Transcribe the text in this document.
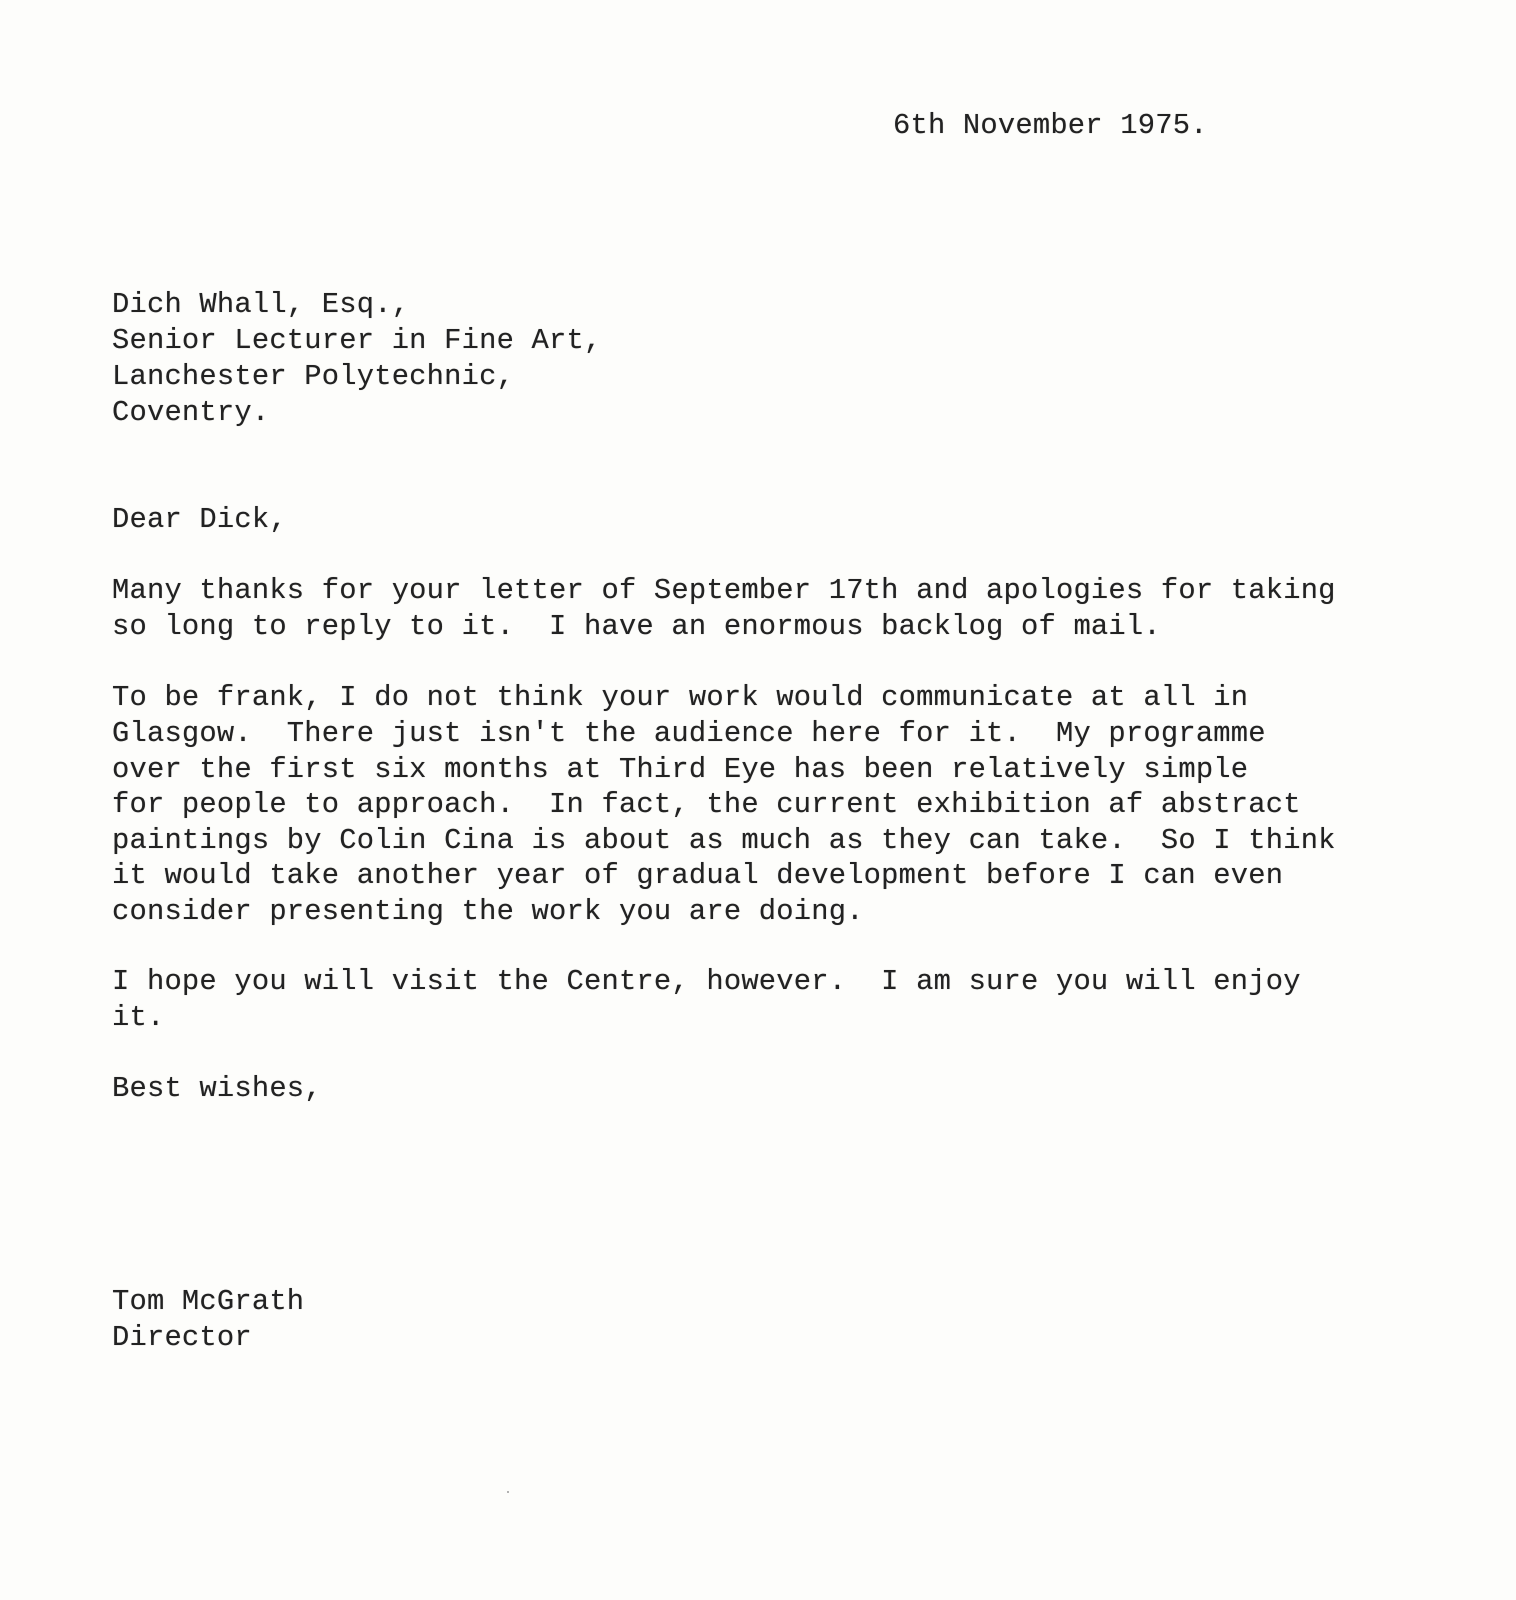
6th November 1975.
Dich Whall, Esq.,
Senior Lecturer in Fine Art,
Lanchester Polytechnic,
Coventry.
Dear Dick,
Many thanks for your letter of September 17th and apologies for taking
so long to reply to it.  I have an enormous backlog of mail.
To be frank, I do not think your work would communicate at all in
Glasgow.  There just isn't the audience here for it.  My programme
over the first six months at Third Eye has been relatively simple
for people to approach.  In fact, the current exhibition af abstract
paintings by Colin Cina is about as much as they can take.  So I think
it would take another year of gradual development before I can even
consider presenting the work you are doing.
I hope you will visit the Centre, however.  I am sure you will enjoy
it.
Best wishes,
Tom McGrath
Director
